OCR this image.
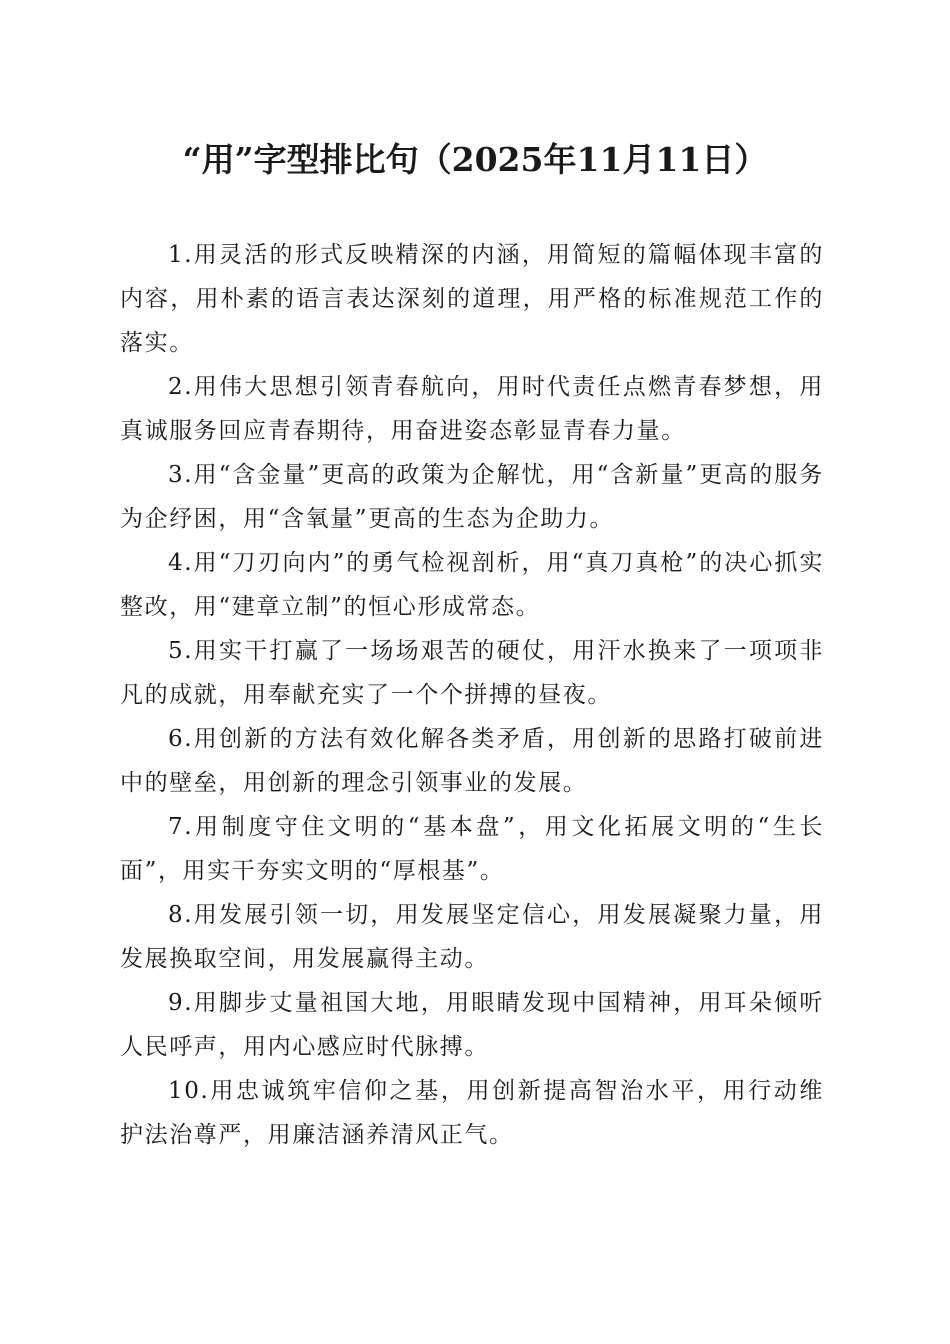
“用”字型排比句（2025年11月11日）

1.用灵活的形式反映精深的内涵，用简短的篇幅体现丰富的内容，用朴素的语言表达深刻的道理，用严格的标准规范工作的落实。

2.用伟大思想引领青春航向，用时代责任点燃青春梦想，用真诚服务回应青春期待，用奋进姿态彰显青春力量。

3.用“含金量”更高的政策为企解忧，用“含新量”更高的服务为企纾困，用“含氧量”更高的生态为企助力。

4.用“刀刃向内”的勇气检视剖析，用“真刀真枪”的决心抓实整改，用“建章立制”的恒心形成常态。

5.用实干打赢了一场场艰苦的硬仗，用汗水换来了一项项非凡的成就，用奉献充实了一个个拼搏的昼夜。

6.用创新的方法有效化解各类矛盾，用创新的思路打破前进中的壁垒，用创新的理念引领事业的发展。

7.用制度守住文明的“基本盘”，用文化拓展文明的“生长面”，用实干夯实文明的“厚根基”。

8.用发展引领一切，用发展坚定信心，用发展凝聚力量，用发展换取空间，用发展赢得主动。

9.用脚步丈量祖国大地，用眼睛发现中国精神，用耳朵倾听人民呼声，用内心感应时代脉搏。

10.用忠诚筑牢信仰之基，用创新提高智治水平，用行动维护法治尊严，用廉洁涵养清风正气。
